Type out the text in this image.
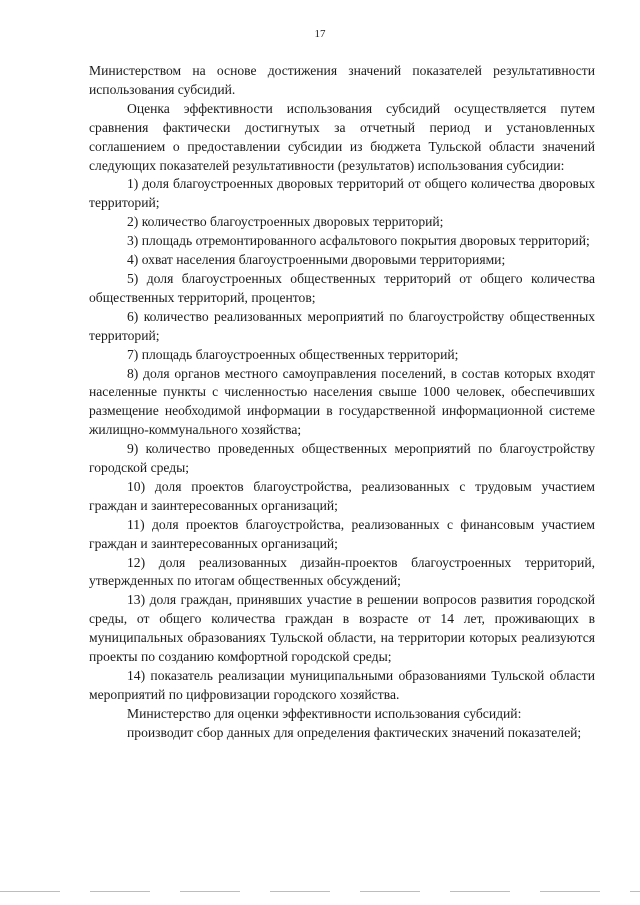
17

Министерством на основе достижения значений показателей результативности использования субсидий.

Оценка эффективности использования субсидий осуществляется путем сравнения фактически достигнутых за отчетный период и установленных соглашением о предоставлении субсидии из бюджета Тульской области значений следующих показателей результативности (результатов) использования субсидии:

1) доля благоустроенных дворовых территорий от общего количества дворовых территорий;

2) количество благоустроенных дворовых территорий;

3) площадь отремонтированного асфальтового покрытия дворовых территорий;

4) охват населения благоустроенными дворовыми территориями;

5) доля благоустроенных общественных территорий от общего количества общественных территорий, процентов;

6) количество реализованных мероприятий по благоустройству общественных территорий;

7) площадь благоустроенных общественных территорий;

8) доля органов местного самоуправления поселений, в состав которых входят населенные пункты с численностью населения свыше 1000 человек, обеспечивших размещение необходимой информации в государственной информационной системе жилищно-коммунального хозяйства;

9) количество проведенных общественных мероприятий по благоустройству городской среды;

10) доля проектов благоустройства, реализованных с трудовым участием граждан и заинтересованных организаций;

11) доля проектов благоустройства, реализованных с финансовым участием граждан и заинтересованных организаций;

12) доля реализованных дизайн-проектов благоустроенных территорий, утвержденных по итогам общественных обсуждений;

13) доля граждан, принявших участие в решении вопросов развития городской среды, от общего количества граждан в возрасте от 14 лет, проживающих в муниципальных образованиях Тульской области, на территории которых реализуются проекты по созданию комфортной городской среды;

14) показатель реализации муниципальными образованиями Тульской области мероприятий по цифровизации городского хозяйства.

Министерство для оценки эффективности использования субсидий:

производит сбор данных для определения фактических значений показателей;
